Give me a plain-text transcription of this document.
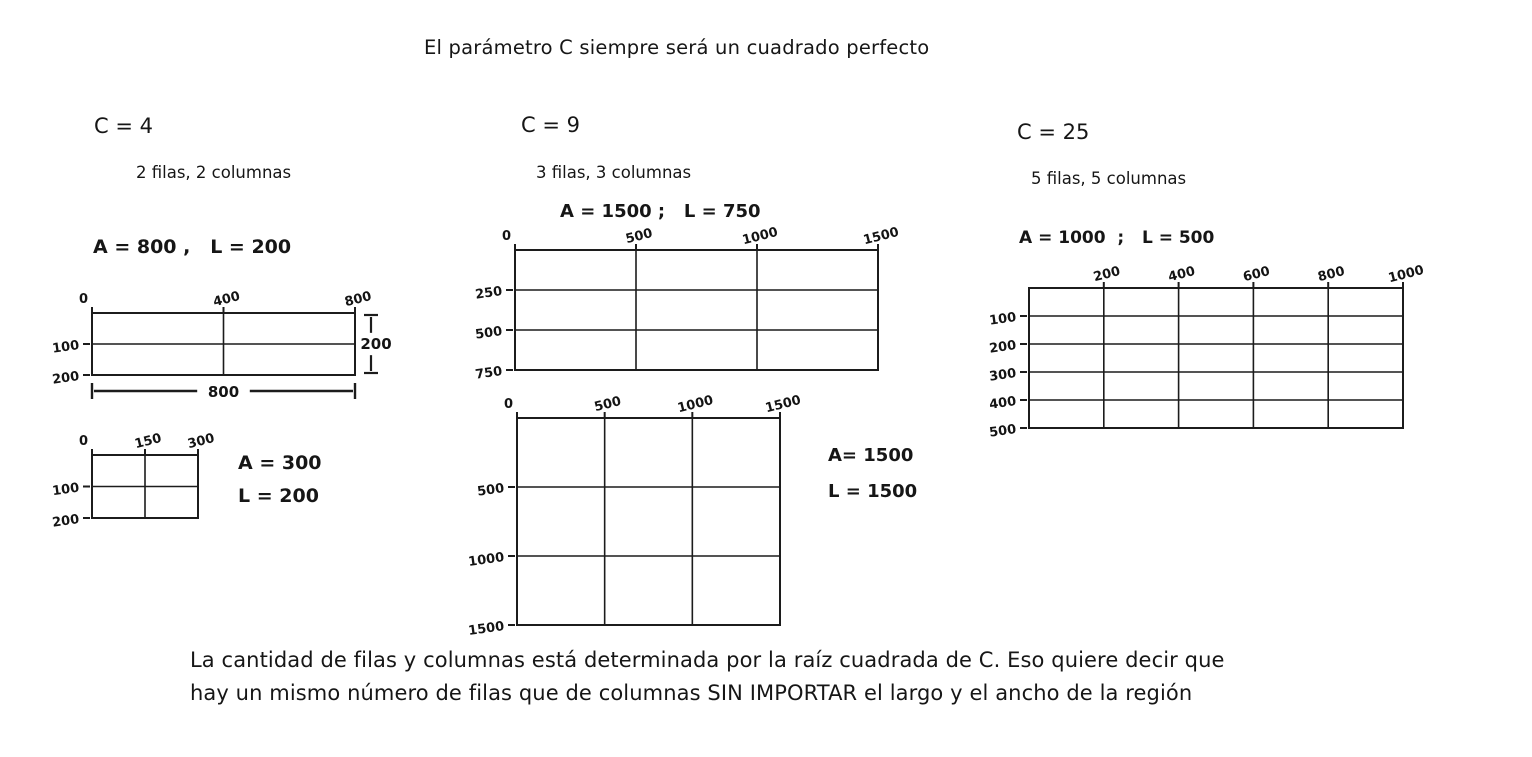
El parámetro C siempre será un cuadrado perfecto
C = 4
2 filas, 2 columnas
A = 800 ,   L = 200
0	400	800
100
200
200
800
0	150 300
100
200
A = 300
L = 200
C = 9
3 filas, 3 columnas
A = 1500 ;   L = 750
0	500	1000	1500
250
500
750
0	500	1000	1500
500
1000
1500
A= 1500
L = 1500
C = 25
5 filas, 5 columnas
A = 1000  ;   L = 500
200	400	600	800	1000
100
200
300
400
500
La cantidad de filas y columnas está determinada por la raíz cuadrada de C. Eso quiere decir que
hay un mismo número de filas que de columnas SIN IMPORTAR el largo y el ancho de la región
